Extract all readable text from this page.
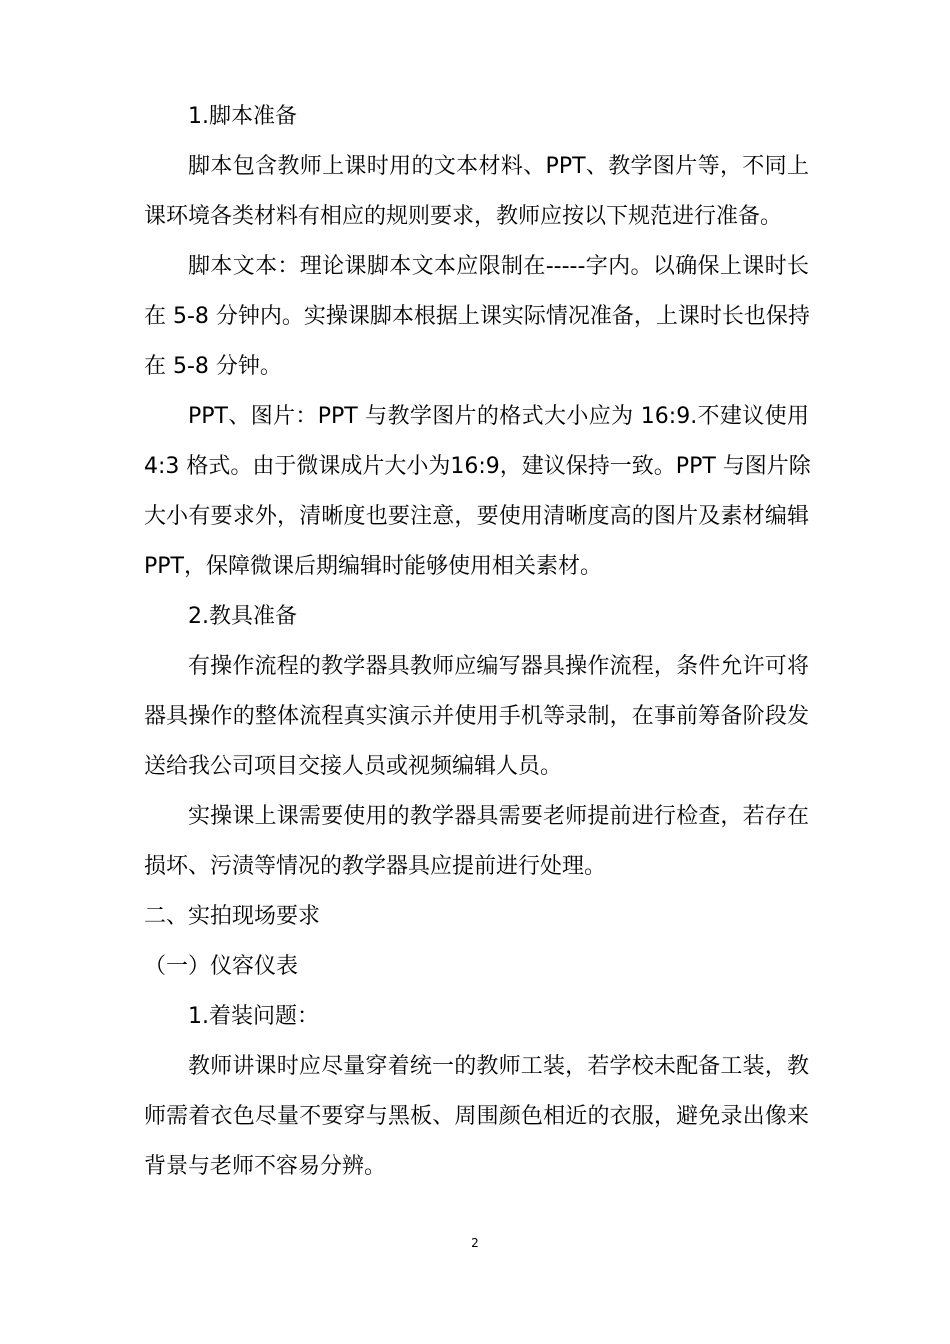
1.脚本准备
脚本包含教师上课时用的文本材料、PPT、教学图片等，不同上
课环境各类材料有相应的规则要求，教师应按以下规范进行准备。
脚本文本：理论课脚本文本应限制在-----字内。以确保上课时长
在 5-8 分钟内。实操课脚本根据上课实际情况准备，上课时长也保持
在 5-8 分钟。
PPT、图片：PPT 与教学图片的格式大小应为 16:9.不建议使用
4:3 格式。由于微课成片大小为16:9，建议保持一致。PPT 与图片除
大小有要求外，清晰度也要注意，要使用清晰度高的图片及素材编辑
PPT，保障微课后期编辑时能够使用相关素材。
2.教具准备
有操作流程的教学器具教师应编写器具操作流程，条件允许可将
器具操作的整体流程真实演示并使用手机等录制，在事前筹备阶段发
送给我公司项目交接人员或视频编辑人员。
实操课上课需要使用的教学器具需要老师提前进行检查，若存在
损坏、污渍等情况的教学器具应提前进行处理。
二、实拍现场要求
（一）仪容仪表
1.着装问题：
教师讲课时应尽量穿着统一的教师工装，若学校未配备工装，教
师需着衣色尽量不要穿与黑板、周围颜色相近的衣服，避免录出像来
背景与老师不容易分辨。
2
